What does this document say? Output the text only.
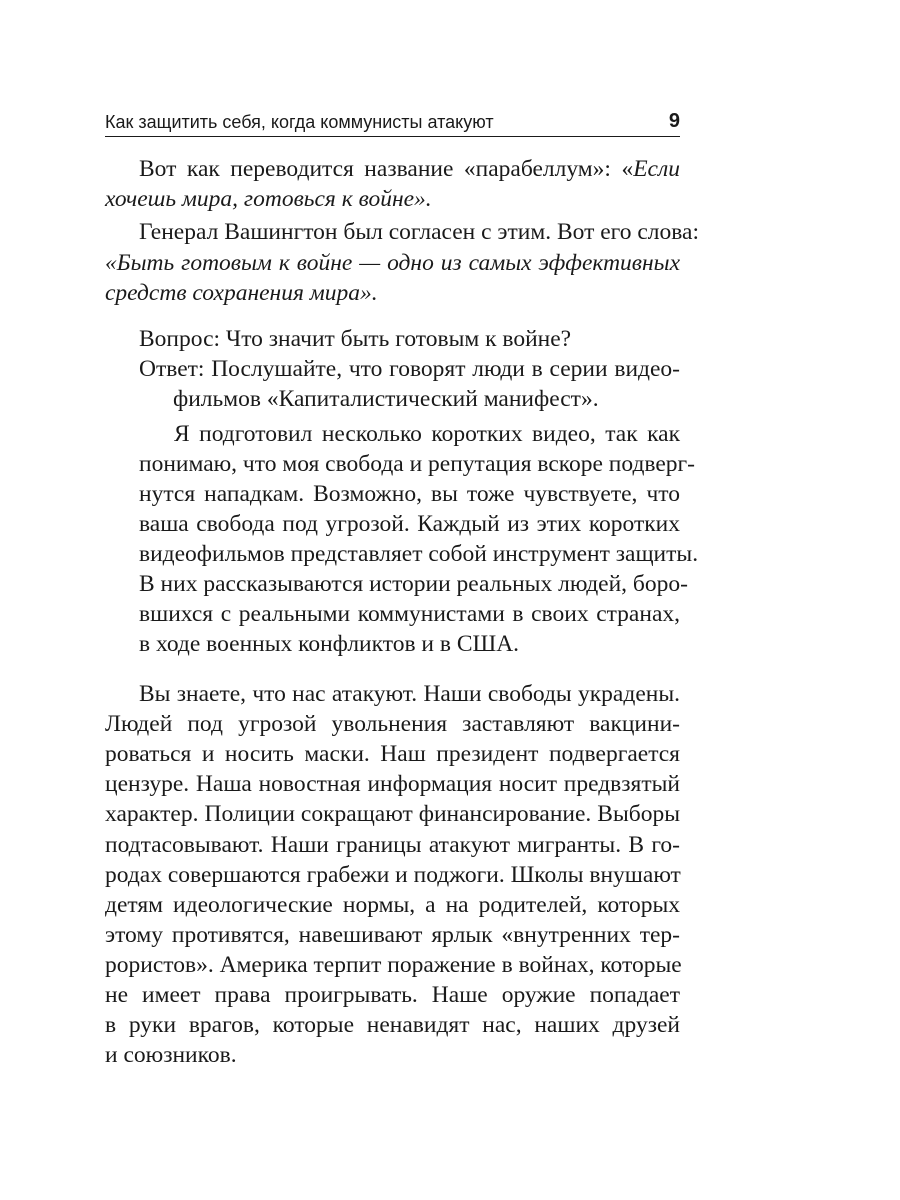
Как защитить себя, когда коммунисты атакуют	9
Вот как переводится название «парабеллум»: «Если
хочешь мира, готовься к войне».
Генерал Вашингтон был согласен с этим. Вот его слова:
«Быть готовым к войне — одно из самых эффективных
средств сохранения мира».
Вопрос: Что значит быть готовым к войне?
Ответ: Послушайте, что говорят люди в серии видео-
фильмов «Капиталистический манифест».
Я подготовил несколько коротких видео, так как
понимаю, что моя свобода и репутация вскоре подверг-
нутся нападкам. Возможно, вы тоже чувствуете, что
ваша свобода под угрозой. Каждый из этих коротких
видеофильмов представляет собой инструмент защиты.
В них рассказываются истории реальных людей, боро-
вшихся с реальными коммунистами в своих странах,
в ходе военных конфликтов и в США.
Вы знаете, что нас атакуют. Наши свободы украдены.
Людей под угрозой увольнения заставляют вакцини-
роваться и носить маски. Наш президент подвергается
цензуре. Наша новостная информация носит предвзятый
характер. Полиции сокращают финансирование. Выборы
подтасовывают. Наши границы атакуют мигранты. В го-
родах совершаются грабежи и поджоги. Школы внушают
детям идеологические нормы, а на родителей, которых
этому противятся, навешивают ярлык «внутренних тер-
рористов». Америка терпит поражение в войнах, которые
не имеет права проигрывать. Наше оружие попадает
в руки врагов, которые ненавидят нас, наших друзей
и союзников.
